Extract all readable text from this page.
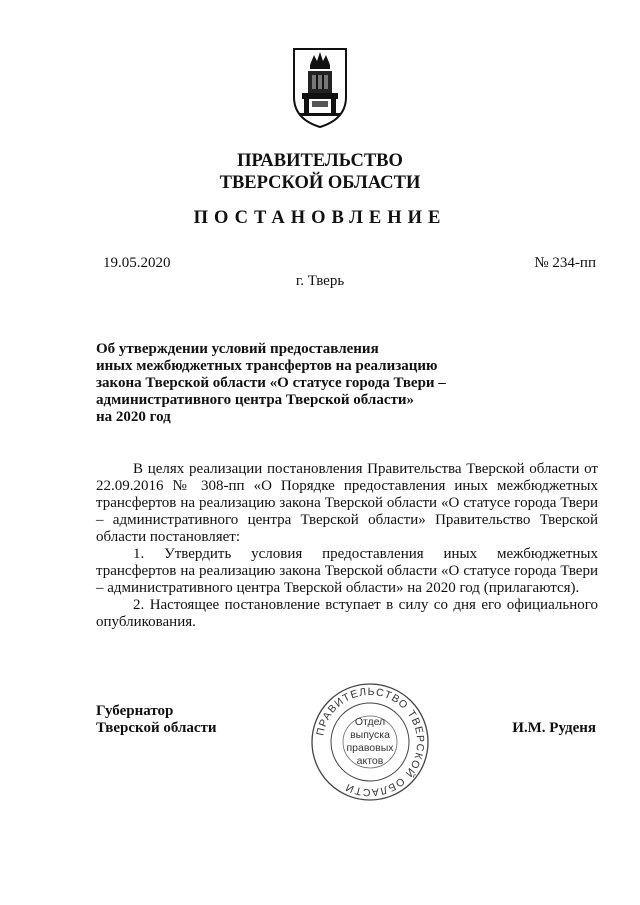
ПРАВИТЕЛЬСТВО
ТВЕРСКОЙ ОБЛАСТИ
ПОСТАНОВЛЕНИЕ
19.05.2020	№ 234-пп
г. Тверь
Об утверждении условий предоставления
иных межбюджетных трансфертов на реализацию
закона Тверской области «О статусе города Твери –
административного центра Тверской области»
на 2020 год

В целях реализации постановления Правительства Тверской области от 22.09.2016 № 308-пп «О Порядке предоставления иных межбюджетных трансфертов на реализацию закона Тверской области «О статусе города Твери – административного центра Тверской области» Правительство Тверской области постановляет:

1. Утвердить условия предоставления иных межбюджетных трансфертов на реализацию закона Тверской области «О статусе города Твери – административного центра Тверской области» на 2020 год (прилагаются).

2. Настоящее постановление вступает в силу со дня его официального опубликования.

Губернатор
Тверской области	И.М. Руденя
ПРАВИТЕЛЬСТВО ТВЕРСКОЙ ОБЛАСТИ
Отдел
выпуска
правовых
актов
